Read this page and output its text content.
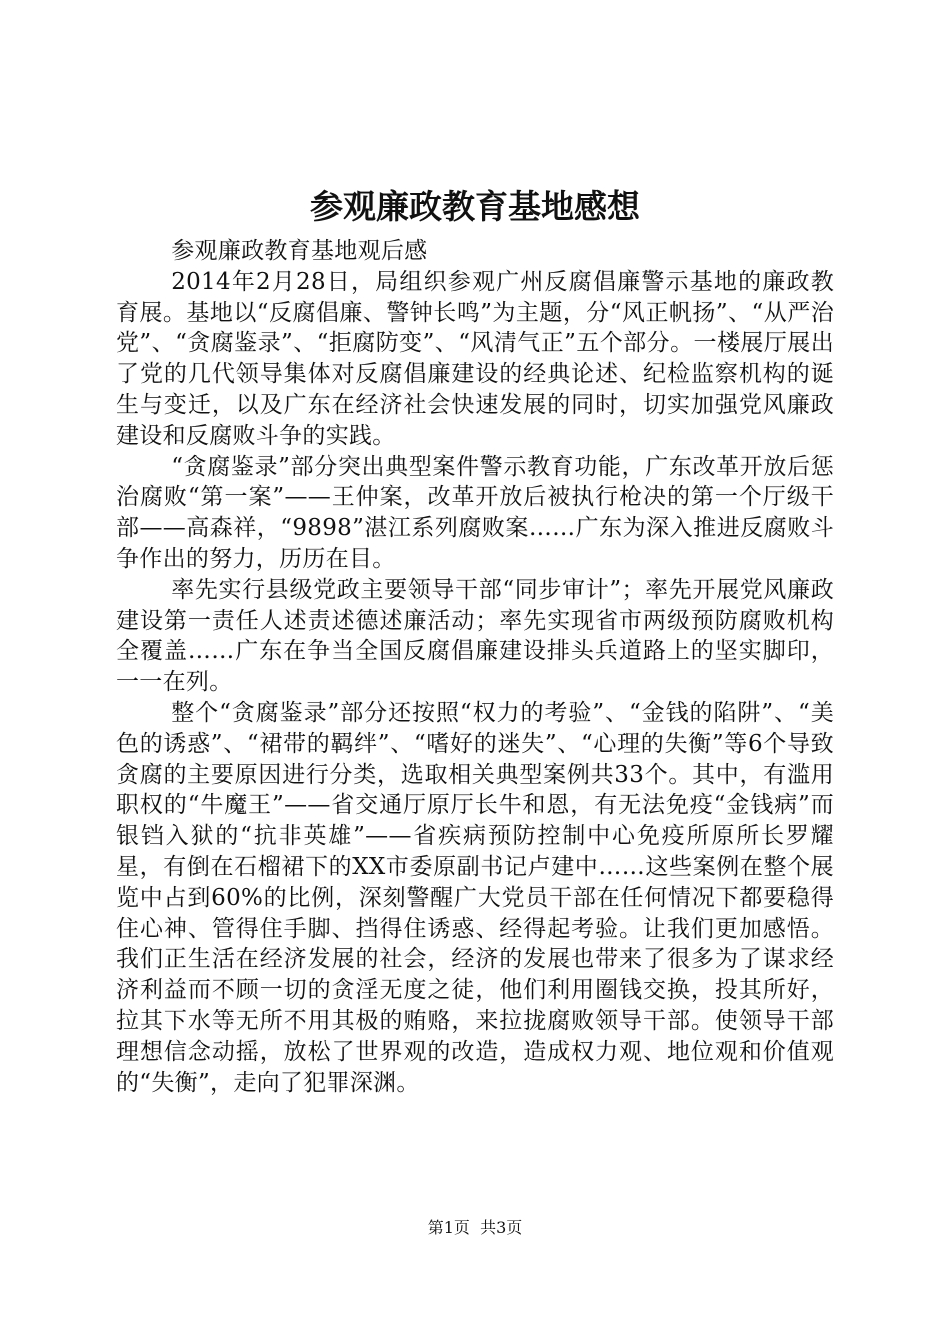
参观廉政教育基地感想

参观廉政教育基地观后感

2014年2月28日，局组织参观广州反腐倡廉警示基地的廉政教育展。基地以“反腐倡廉、警钟长鸣”为主题，分“风正帆扬”、“从严治党”、“贪腐鉴录”、“拒腐防变”、“风清气正”五个部分。一楼展厅展出了党的几代领导集体对反腐倡廉建设的经典论述、纪检监察机构的诞生与变迁，以及广东在经济社会快速发展的同时，切实加强党风廉政建设和反腐败斗争的实践。

“贪腐鉴录”部分突出典型案件警示教育功能，广东改革开放后惩治腐败“第一案”——王仲案，改革开放后被执行枪决的第一个厅级干部——高森祥，“9898”湛江系列腐败案……广东为深入推进反腐败斗争作出的努力，历历在目。

率先实行县级党政主要领导干部“同步审计”；率先开展党风廉政建设第一责任人述责述德述廉活动；率先实现省市两级预防腐败机构全覆盖……广东在争当全国反腐倡廉建设排头兵道路上的坚实脚印，一一在列。

整个“贪腐鉴录”部分还按照“权力的考验”、“金钱的陷阱”、“美色的诱惑”、“裙带的羁绊”、“嗜好的迷失”、“心理的失衡”等6个导致贪腐的主要原因进行分类，选取相关典型案例共33个。其中，有滥用职权的“牛魔王”——省交通厅原厅长牛和恩，有无法免疫“金钱病”而银铛入狱的“抗非英雄”——省疾病预防控制中心免疫所原所长罗耀星，有倒在石榴裙下的XX市委原副书记卢建中……这些案例在整个展览中占到60%的比例，深刻警醒广大党员干部在任何情况下都要稳得住心神、管得住手脚、挡得住诱惑、经得起考验。让我们更加感悟。我们正生活在经济发展的社会，经济的发展也带来了很多为了谋求经济利益而不顾一切的贪淫无度之徒，他们利用圈钱交换，投其所好，拉其下水等无所不用其极的贿赂，来拉拢腐败领导干部。使领导干部理想信念动摇，放松了世界观的改造，造成权力观、地位观和价值观的“失衡”，走向了犯罪深渊。

第1页  共3页
